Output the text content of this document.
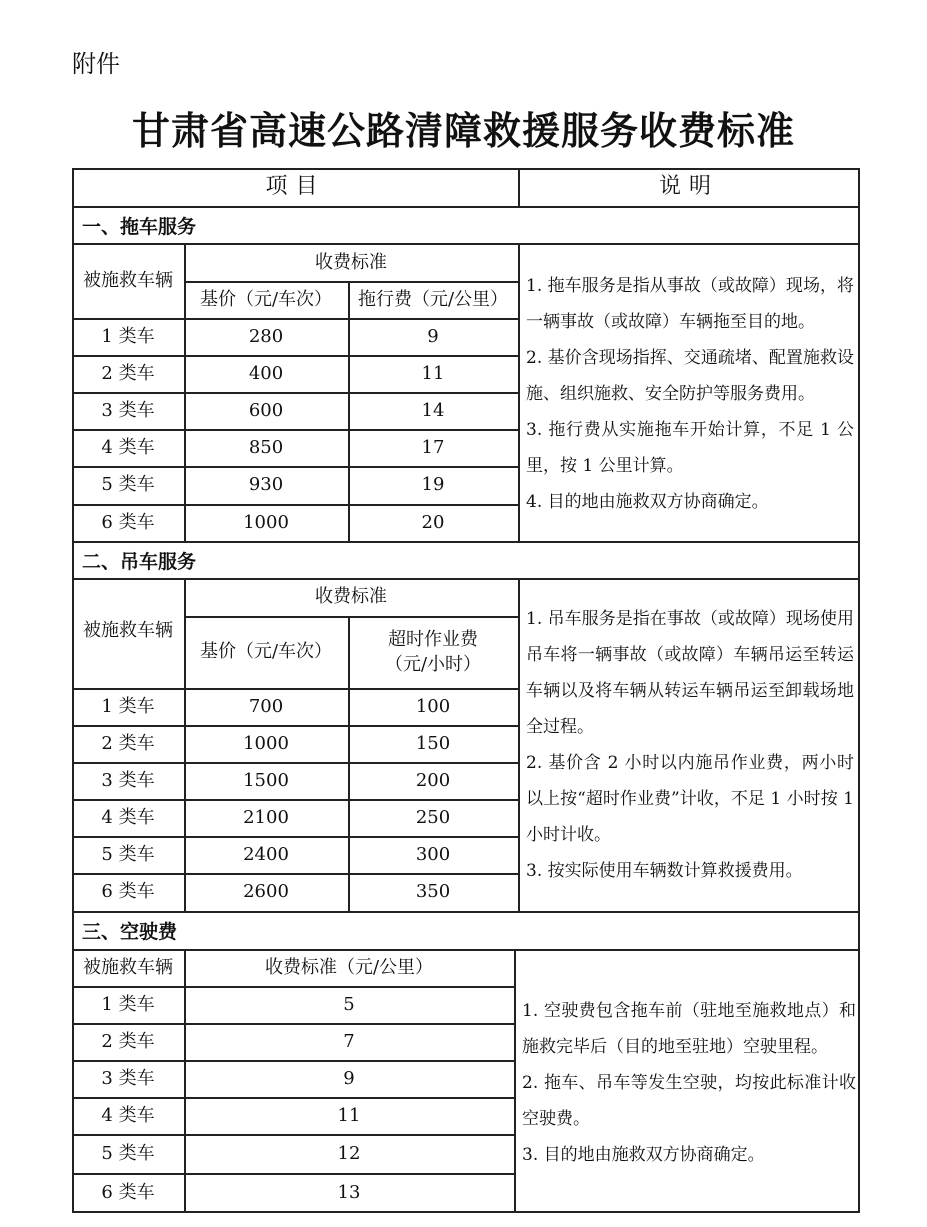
附件
甘肃省高速公路清障救援服务收费标准
项目	说明
一、拖车服务
被施救车辆
收费标准
基价（元/车次）	拖行费（元/公里）
1 类车	280	9
2 类车	400	11
3 类车	600	14
4 类车	850	17
5 类车	930	19
6 类车	1000	20
1. 拖车服务是指从事故（或故障）现场，将一辆事故（或故障）车辆拖至目的地。
2. 基价含现场指挥、交通疏堵、配置施救设施、组织施救、安全防护等服务费用。
3. 拖行费从实施拖车开始计算，不足 1 公里，按 1 公里计算。
4. 目的地由施救双方协商确定。
二、吊车服务
被施救车辆
收费标准
基价（元/车次）
超时作业费
（元/小时）
1 类车	700	100
2 类车	1000	150
3 类车	1500	200
4 类车	2100	250
5 类车	2400	300
6 类车	2600	350
1. 吊车服务是指在事故（或故障）现场使用吊车将一辆事故（或故障）车辆吊运至转运车辆以及将车辆从转运车辆吊运至卸载场地全过程。
2. 基价含 2 小时以内施吊作业费，两小时以上按“超时作业费”计收，不足 1 小时按 1 小时计收。
3. 按实际使用车辆数计算救援费用。
三、空驶费
被施救车辆	收费标准（元/公里）
1 类车	5
2 类车	7
3 类车	9
4 类车	11
5 类车	12
6 类车	13
1. 空驶费包含拖车前（驻地至施救地点）和施救完毕后（目的地至驻地）空驶里程。
2. 拖车、吊车等发生空驶，均按此标准计收空驶费。
3. 目的地由施救双方协商确定。
